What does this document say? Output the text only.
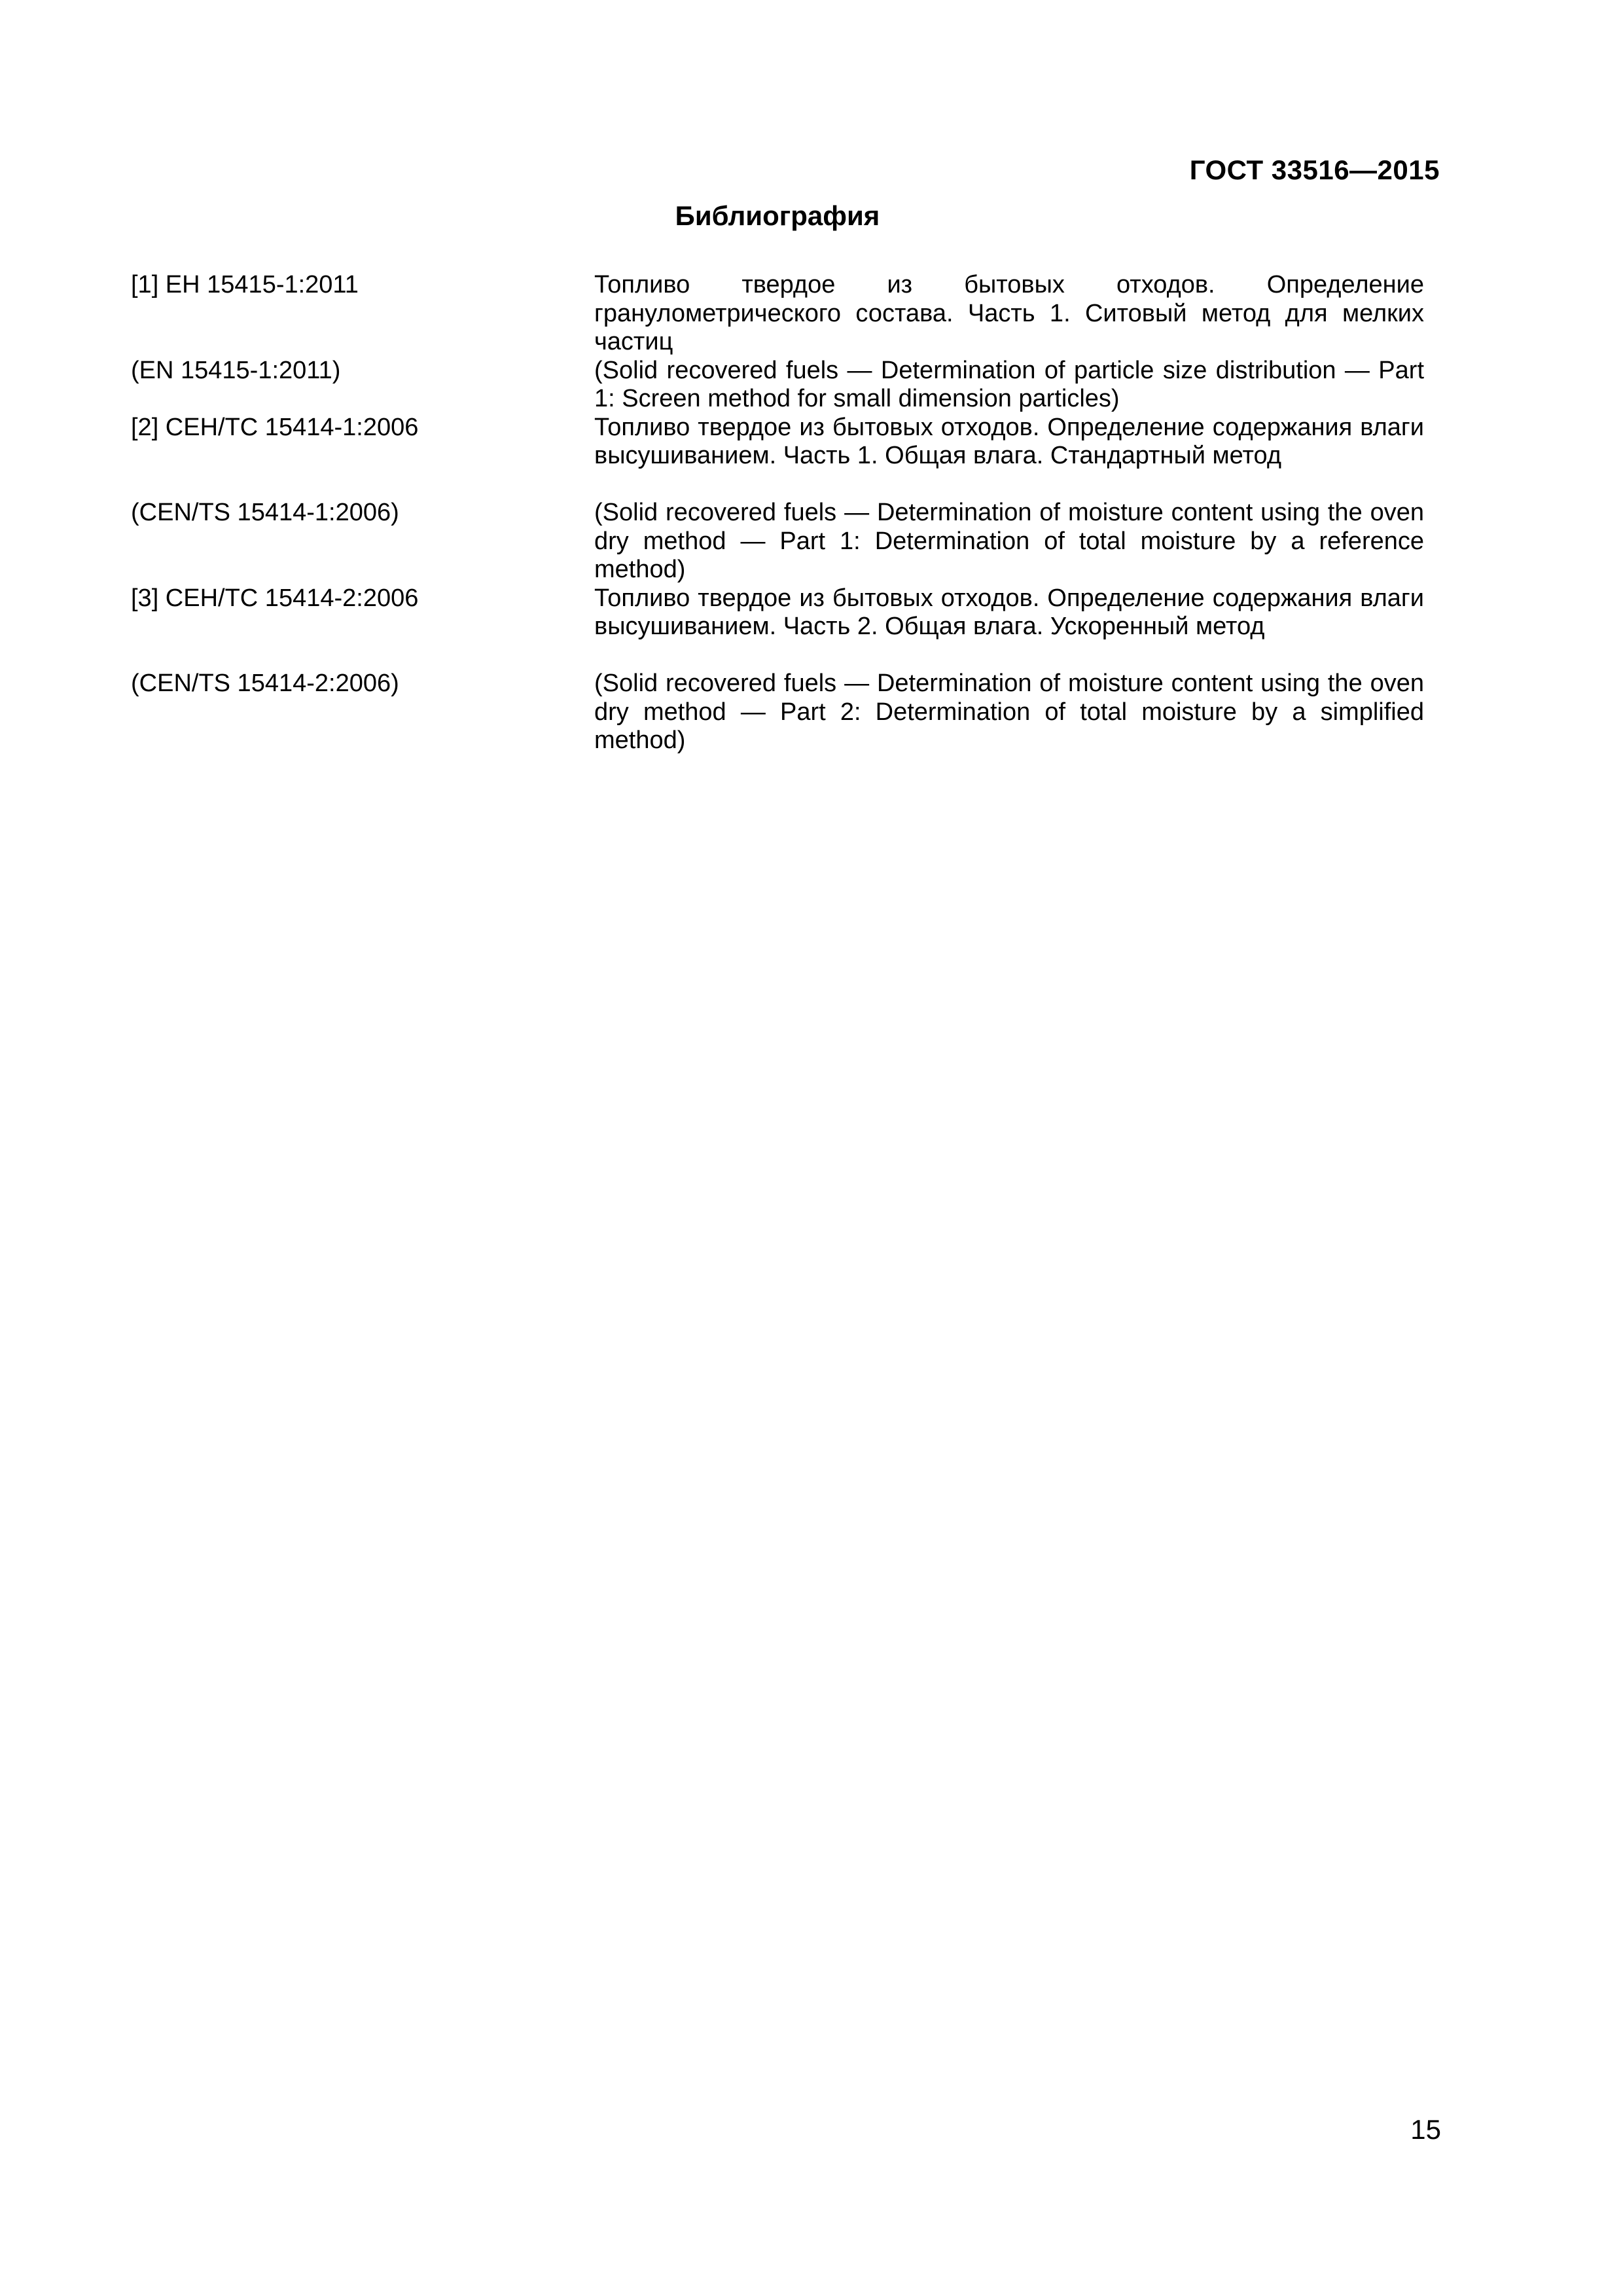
ГОСТ 33516—2015
Библиография
[1] ЕН 15415-1:2011	Топливо твердое из бытовых отходов. Определение гранулометрического состава. Часть 1. Ситовый метод для мелких частиц
(EN 15415-1:2011)	(Solid recovered fuels — Determination of particle size distribution — Part 1: Screen method for small dimension particles)
[2] СЕН/ТС 15414-1:2006	Топливо твердое из бытовых отходов. Определение содержания влаги высушиванием. Часть 1. Общая влага. Стандартный метод
(CEN/TS 15414-1:2006)	(Solid recovered fuels — Determination of moisture content using the oven dry method — Part 1: Determination of total moisture by a reference method)
[3] СЕН/ТС 15414-2:2006	Топливо твердое из бытовых отходов. Определение содержания влаги высушиванием. Часть 2. Общая влага. Ускоренный метод
(CEN/TS 15414-2:2006)	(Solid recovered fuels — Determination of moisture content using the oven dry method — Part 2: Determination of total moisture by a simplified method)
15
